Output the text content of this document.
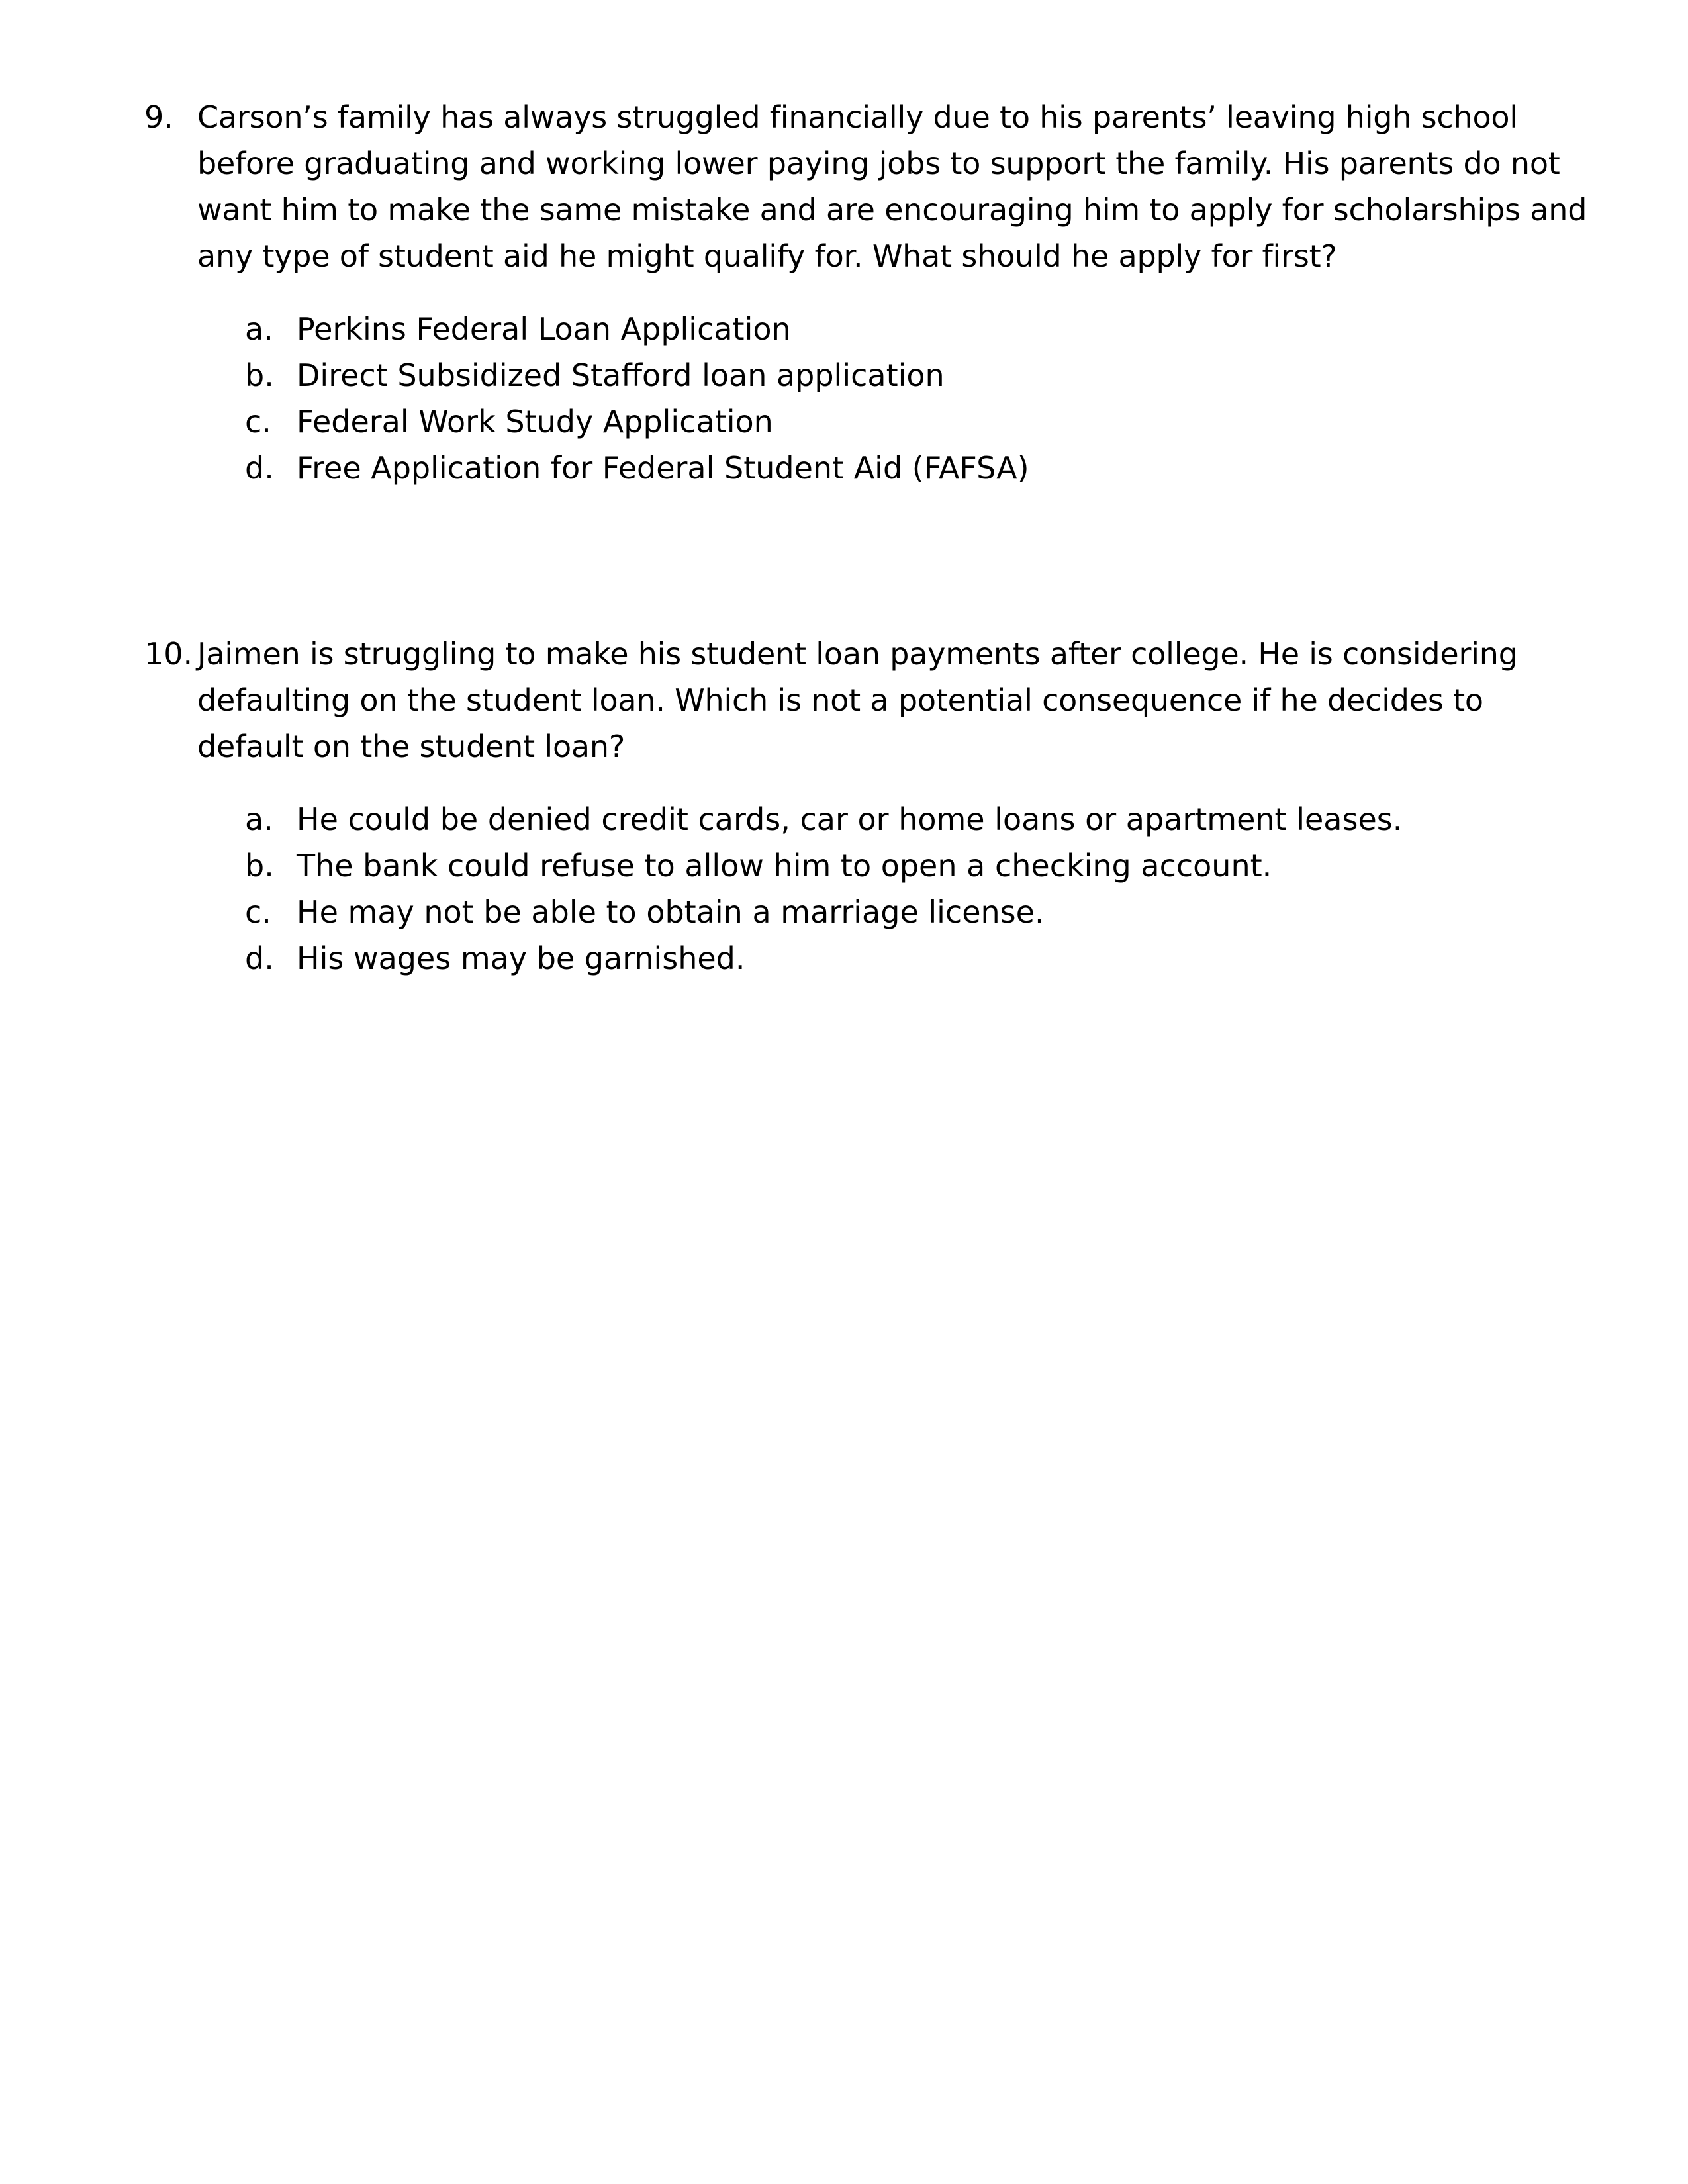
9. Carson’s family has always struggled financially due to his parents’ leaving high school before graduating and working lower paying jobs to support the family. His parents do not want him to make the same mistake and are encouraging him to apply for scholarships and any type of student aid he might qualify for. What should he apply for first?
a. Perkins Federal Loan Application
b. Direct Subsidized Stafford loan application
c. Federal Work Study Application
d. Free Application for Federal Student Aid (FAFSA)
10. Jaimen is struggling to make his student loan payments after college. He is considering defaulting on the student loan. Which is not a potential consequence if he decides to default on the student loan?
a. He could be denied credit cards, car or home loans or apartment leases.
b. The bank could refuse to allow him to open a checking account.
c. He may not be able to obtain a marriage license.
d. His wages may be garnished.
